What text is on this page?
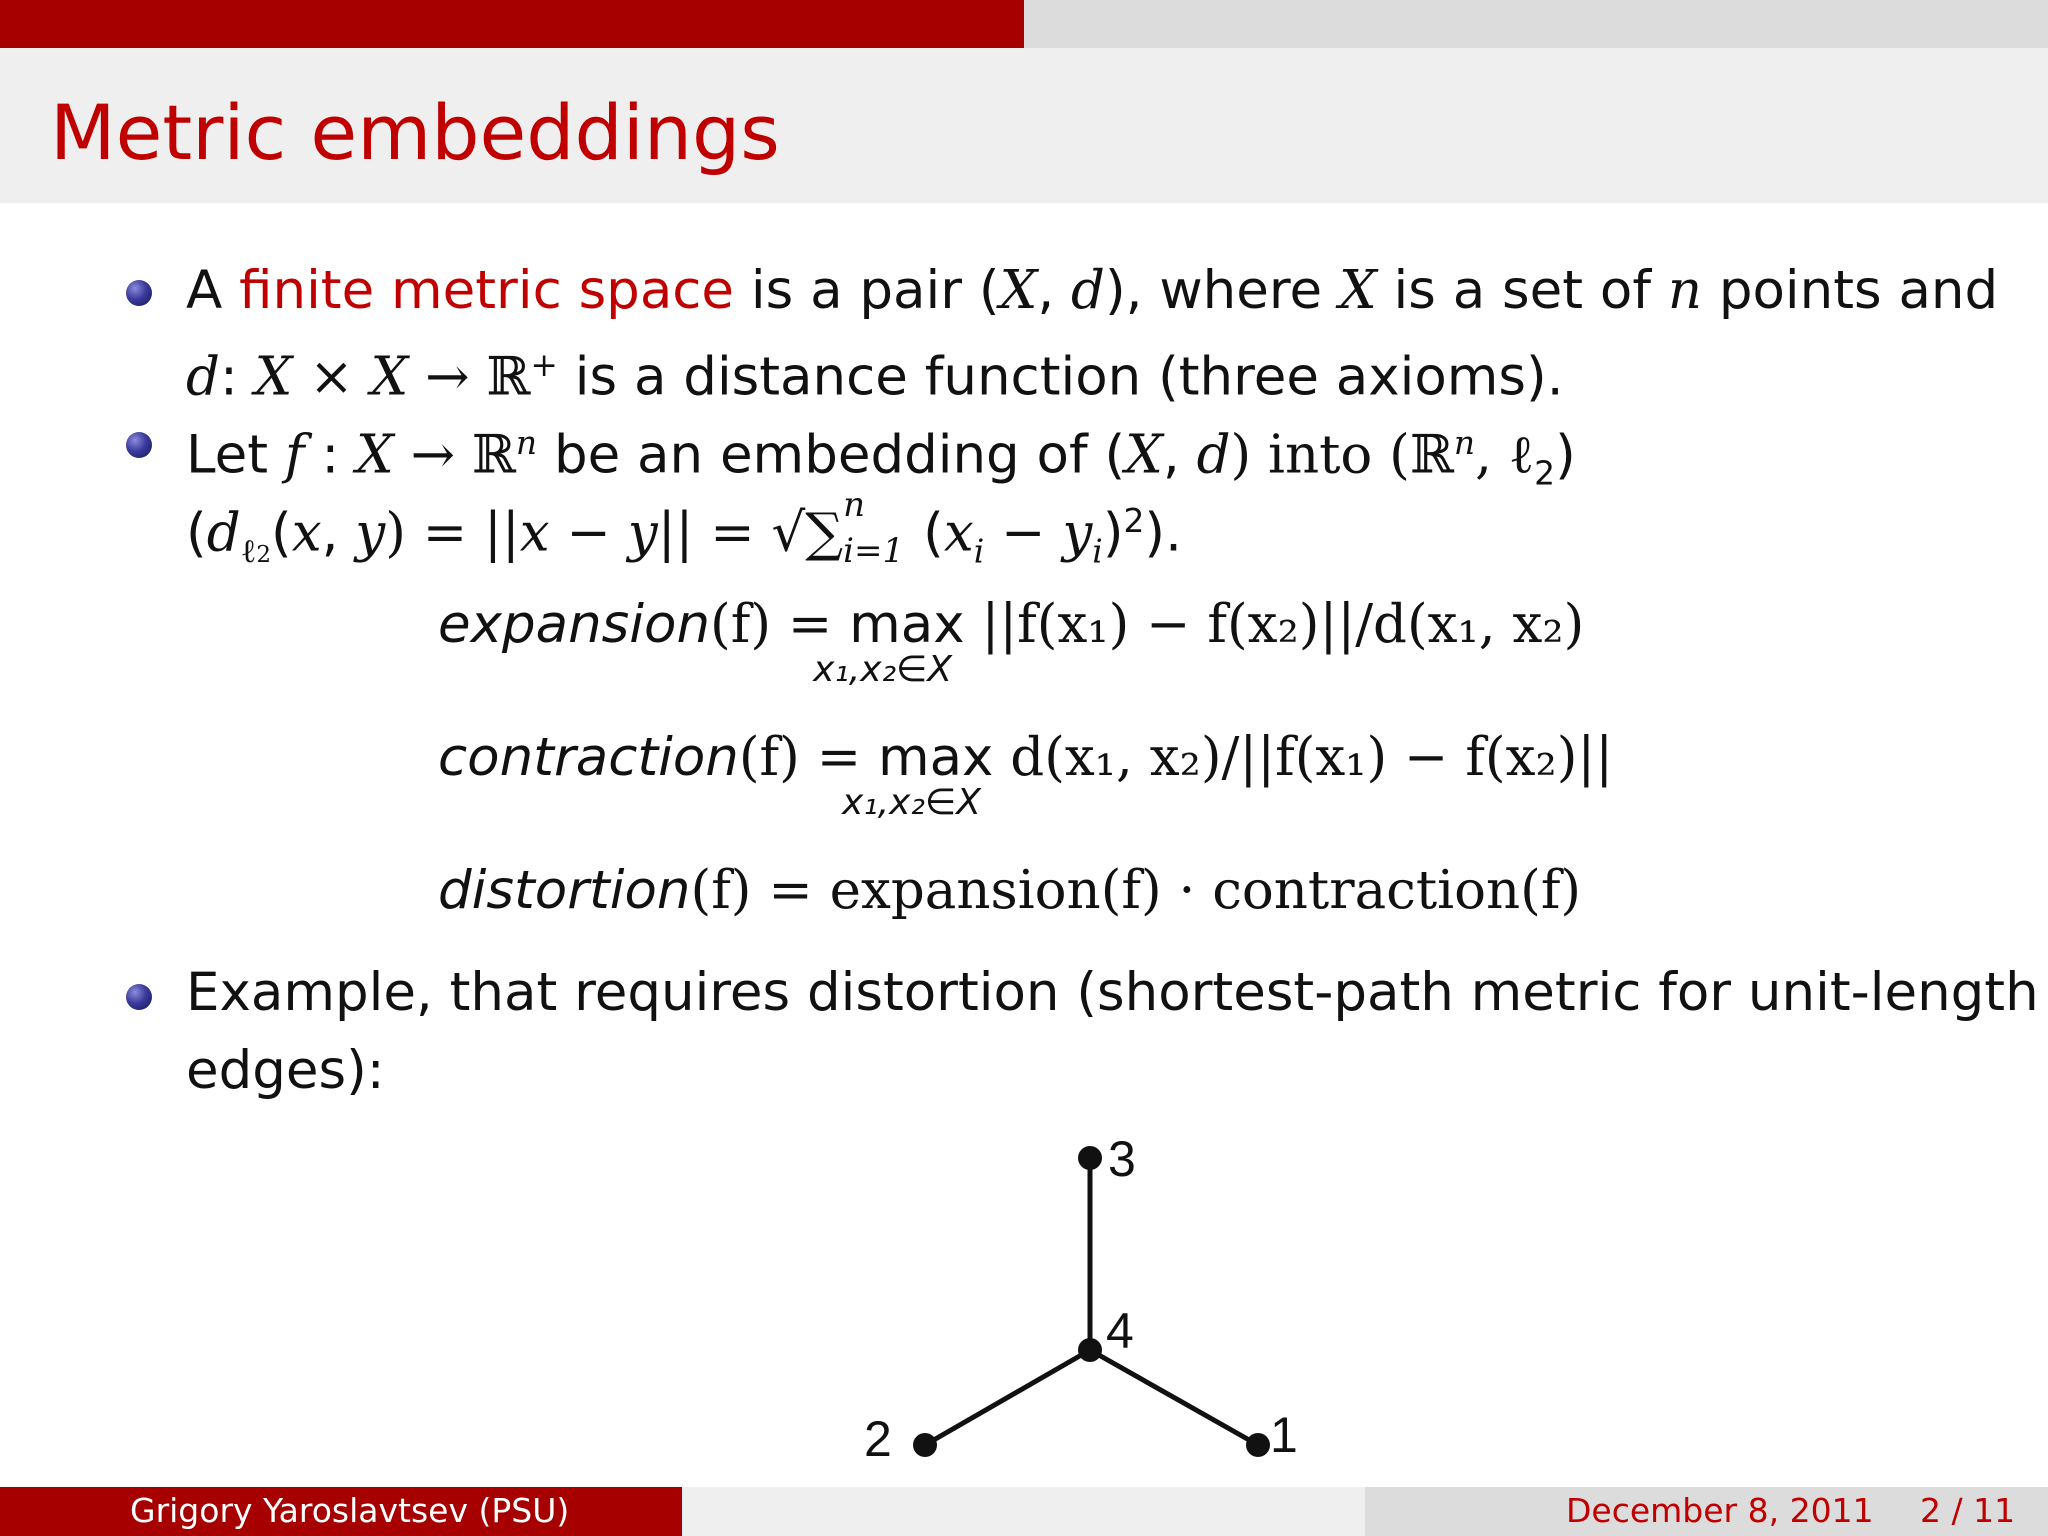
Metric embeddings
A finite metric space is a pair (X, d), where X is a set of n points and
d: X × X → ℝ+ is a distance function (three axioms).
Let f : X → ℝ$^n$ be an embedding of (X, d) into (ℝ$^n$, ℓ$_2$)
($d_{\ell 2}(x$, y) = ||x − y|| = √∑ n
i=1 $(x_i - y_i)^2$).
expansion(f) = max
x₁,x₂∈X
||f(x₁) − f(x₂)||/d(x₁, x₂)
contraction(f) = max
x₁,x₂∈X
d(x₁, x₂)/||f(x₁) − f(x₂)||
distortion(f) = expansion(f) · contraction(f)
Example, that requires distortion (shortest-path metric for unit-length
edges):
3
4
2	1
Grigory Yaroslavtsev (PSU)	December 8, 2011 2 / 11
